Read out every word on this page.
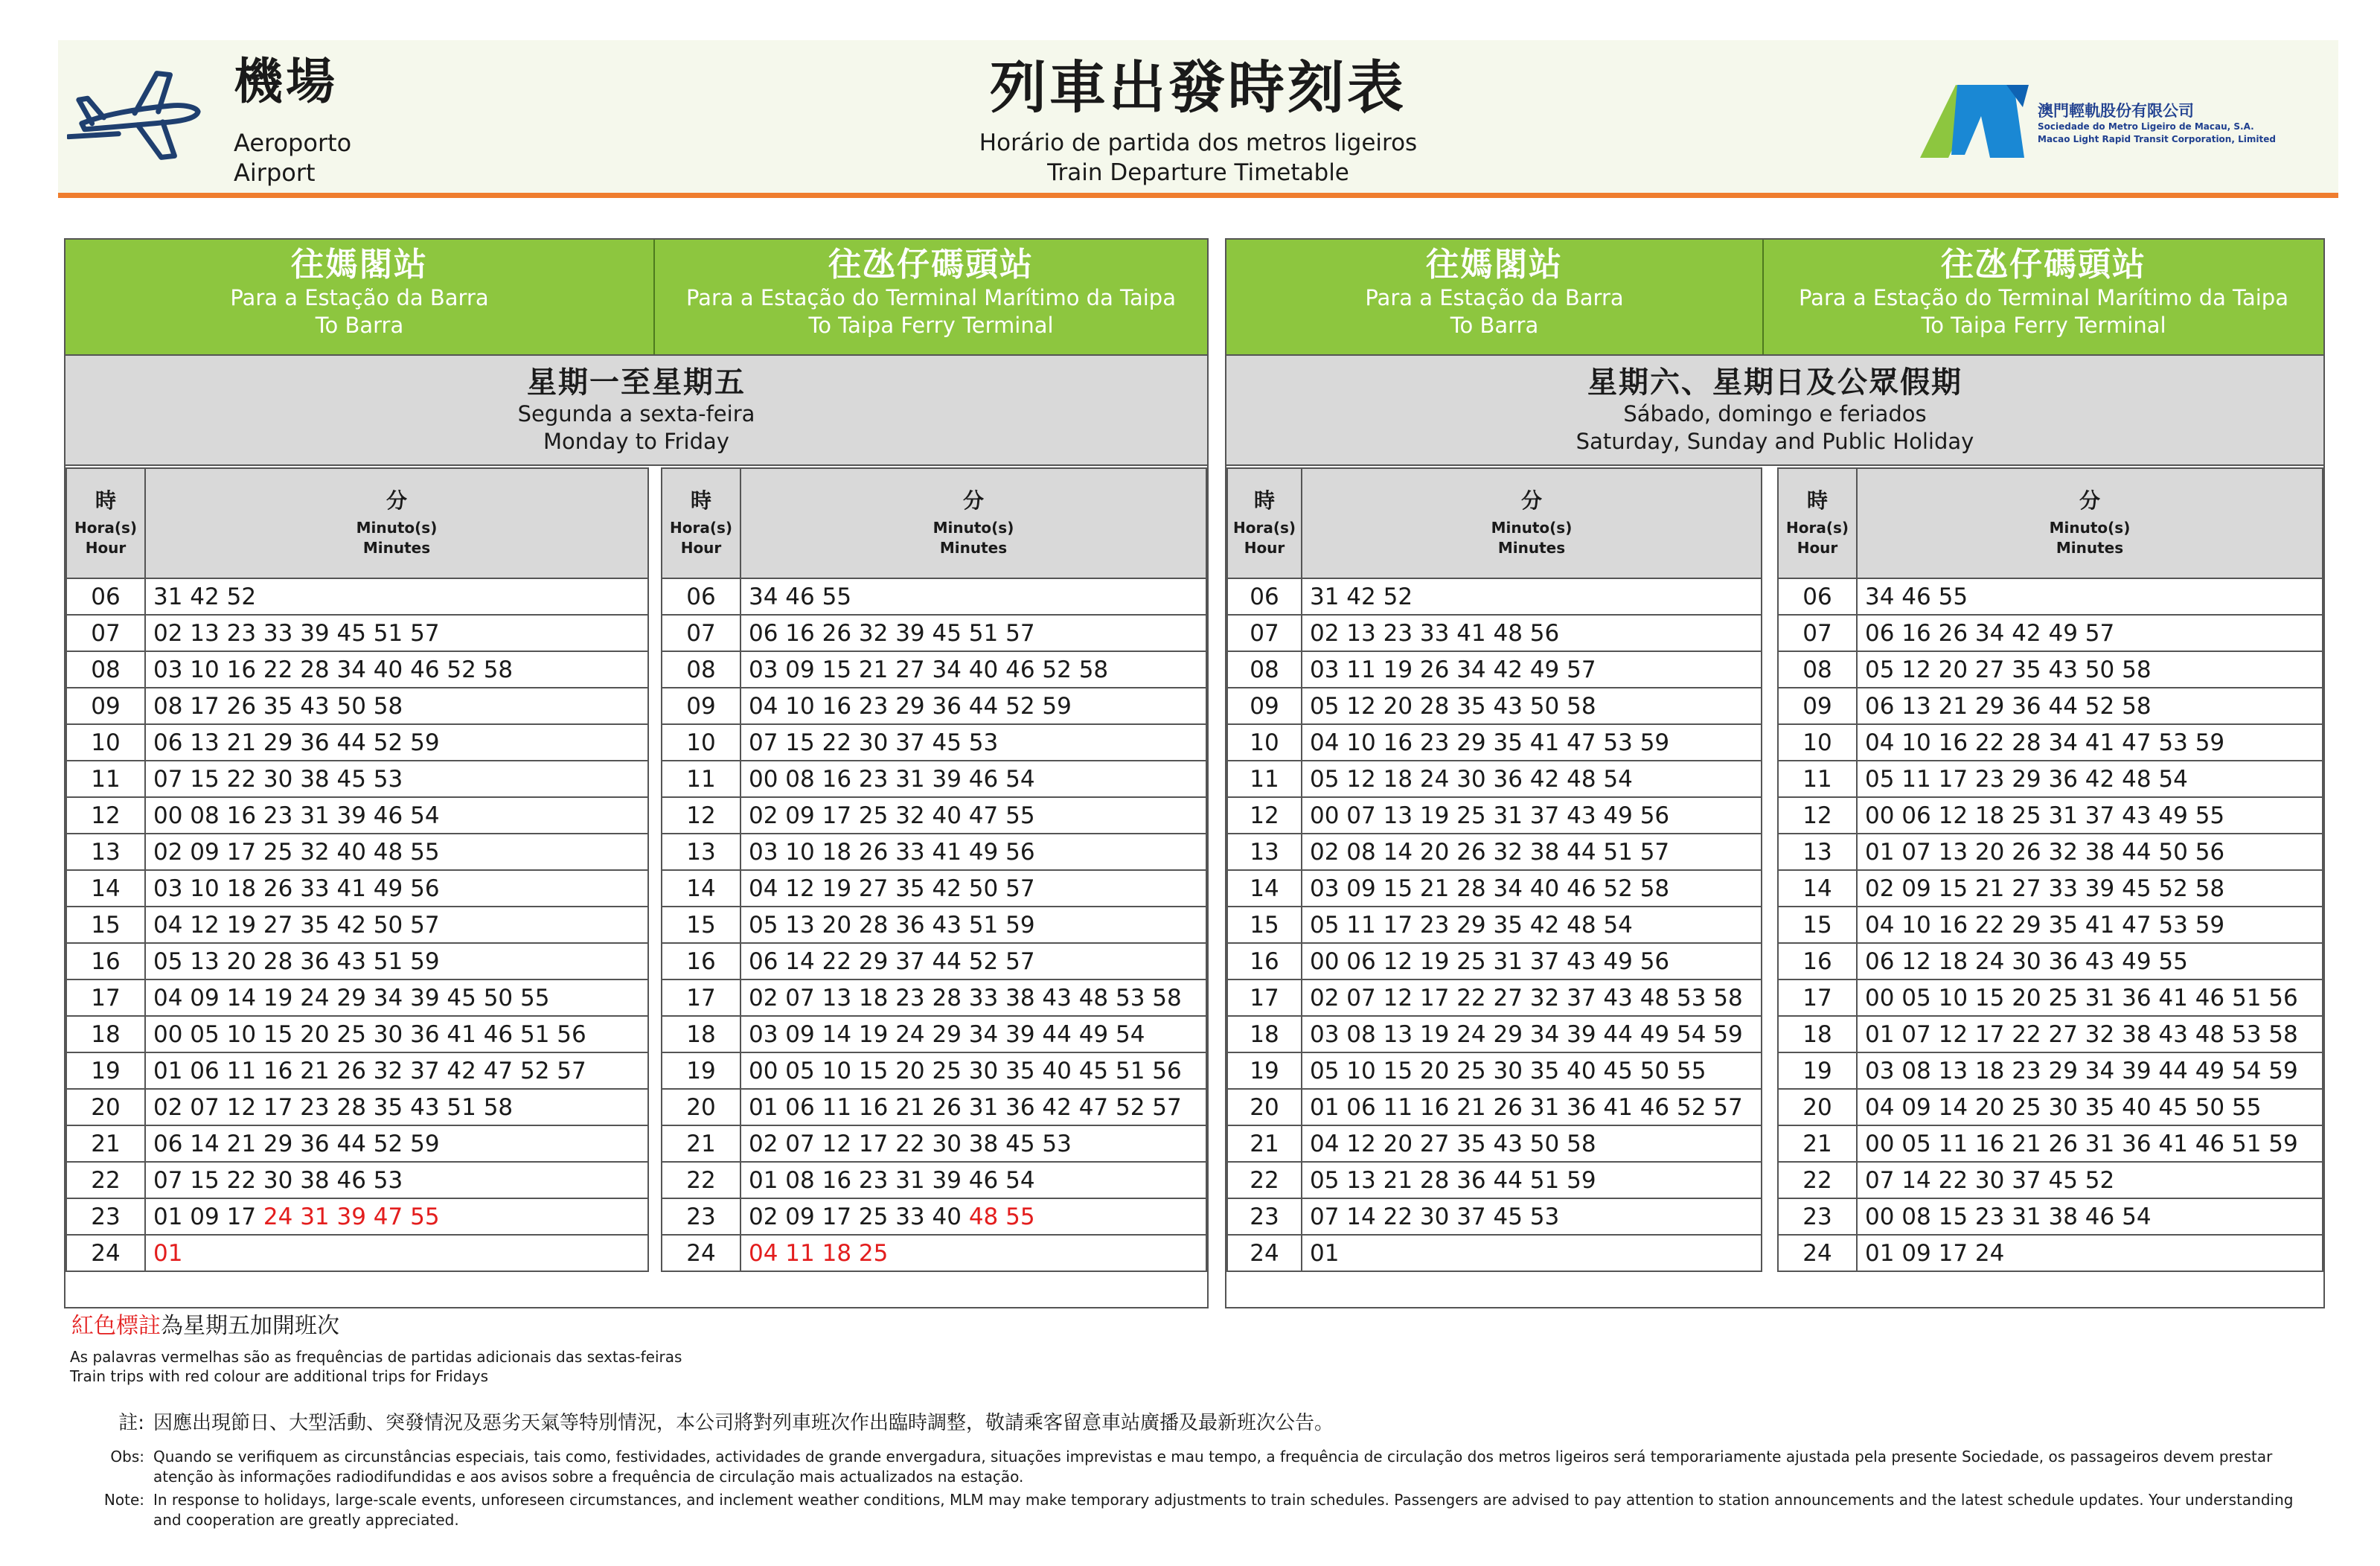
機場
Aeroporto
Airport
列車出發時刻表
Horário de partida dos metros ligeiros
Train Departure Timetable
澳門輕軌股份有限公司
Sociedade do Metro Ligeiro de Macau, S.A.
Macao Light Rapid Transit Corporation, Limited
往媽閣站
Para a Estação da Barra
To Barra
往氹仔碼頭站
Para a Estação do Terminal Marítimo da Taipa
To Taipa Ferry Terminal
星期一至星期五
Segunda a sexta-feira
Monday to Friday
時
Hora(s)
Hour	分
Minuto(s)
Minutes

06	31 42 52
07	02 13 23 33 39 45 51 57
08	03 10 16 22 28 34 40 46 52 58
09	08 17 26 35 43 50 58
10	06 13 21 29 36 44 52 59
11	07 15 22 30 38 45 53
12	00 08 16 23 31 39 46 54
13	02 09 17 25 32 40 48 55
14	03 10 18 26 33 41 49 56
15	04 12 19 27 35 42 50 57
16	05 13 20 28 36 43 51 59
17	04 09 14 19 24 29 34 39 45 50 55
18	00 05 10 15 20 25 30 36 41 46 51 56
19	01 06 11 16 21 26 32 37 42 47 52 57
20	02 07 12 17 23 28 35 43 51 58
21	06 14 21 29 36 44 52 59
22	07 15 22 30 38 46 53
23	01 09 17 24 31 39 47 55
24	01
時
Hora(s)
Hour	分
Minuto(s)
Minutes

06	34 46 55
07	06 16 26 32 39 45 51 57
08	03 09 15 21 27 34 40 46 52 58
09	04 10 16 23 29 36 44 52 59
10	07 15 22 30 37 45 53
11	00 08 16 23 31 39 46 54
12	02 09 17 25 32 40 47 55
13	03 10 18 26 33 41 49 56
14	04 12 19 27 35 42 50 57
15	05 13 20 28 36 43 51 59
16	06 14 22 29 37 44 52 57
17	02 07 13 18 23 28 33 38 43 48 53 58
18	03 09 14 19 24 29 34 39 44 49 54
19	00 05 10 15 20 25 30 35 40 45 51 56
20	01 06 11 16 21 26 31 36 42 47 52 57
21	02 07 12 17 22 30 38 45 53
22	01 08 16 23 31 39 46 54
23	02 09 17 25 33 40 48 55
24	04 11 18 25
往媽閣站
Para a Estação da Barra
To Barra
往氹仔碼頭站
Para a Estação do Terminal Marítimo da Taipa
To Taipa Ferry Terminal
星期六、星期日及公眾假期
Sábado, domingo e feriados
Saturday, Sunday and Public Holiday
時
Hora(s)
Hour	分
Minuto(s)
Minutes

06	31 42 52
07	02 13 23 33 41 48 56
08	03 11 19 26 34 42 49 57
09	05 12 20 28 35 43 50 58
10	04 10 16 23 29 35 41 47 53 59
11	05 12 18 24 30 36 42 48 54
12	00 07 13 19 25 31 37 43 49 56
13	02 08 14 20 26 32 38 44 51 57
14	03 09 15 21 28 34 40 46 52 58
15	05 11 17 23 29 35 42 48 54
16	00 06 12 19 25 31 37 43 49 56
17	02 07 12 17 22 27 32 37 43 48 53 58
18	03 08 13 19 24 29 34 39 44 49 54 59
19	05 10 15 20 25 30 35 40 45 50 55
20	01 06 11 16 21 26 31 36 41 46 52 57
21	04 12 20 27 35 43 50 58
22	05 13 21 28 36 44 51 59
23	07 14 22 30 37 45 53
24	01
時
Hora(s)
Hour	分
Minuto(s)
Minutes

06	34 46 55
07	06 16 26 34 42 49 57
08	05 12 20 27 35 43 50 58
09	06 13 21 29 36 44 52 58
10	04 10 16 22 28 34 41 47 53 59
11	05 11 17 23 29 36 42 48 54
12	00 06 12 18 25 31 37 43 49 55
13	01 07 13 20 26 32 38 44 50 56
14	02 09 15 21 27 33 39 45 52 58
15	04 10 16 22 29 35 41 47 53 59
16	06 12 18 24 30 36 43 49 55
17	00 05 10 15 20 25 31 36 41 46 51 56
18	01 07 12 17 22 27 32 38 43 48 53 58
19	03 08 13 18 23 29 34 39 44 49 54 59
20	04 09 14 20 25 30 35 40 45 50 55
21	00 05 11 16 21 26 31 36 41 46 51 59
22	07 14 22 30 37 45 52
23	00 08 15 23 31 38 46 54
24	01 09 17 24
紅色標註為星期五加開班次
As palavras vermelhas são as frequências de partidas adicionais das sextas-feiras
Train trips with red colour are additional trips for Fridays
註: 因應出現節日、大型活動、突發情況及惡劣天氣等特別情況，本公司將對列車班次作出臨時調整，敬請乘客留意車站廣播及最新班次公告。
Obs: Quando se verifiquem as circunstâncias especiais, tais como, festividades, actividades de grande envergadura, situações imprevistas e mau tempo, a frequência de circulação dos metros ligeiros será temporariamente ajustada pela presente Sociedade, os passageiros devem prestar atenção às informações radiodifundidas e aos avisos sobre a frequência de circulação mais actualizados na estação.
Note: In response to holidays, large-scale events, unforeseen circumstances, and inclement weather conditions, MLM may make temporary adjustments to train schedules. Passengers are advised to pay attention to station announcements and the latest schedule updates. Your understanding and cooperation are greatly appreciated.
